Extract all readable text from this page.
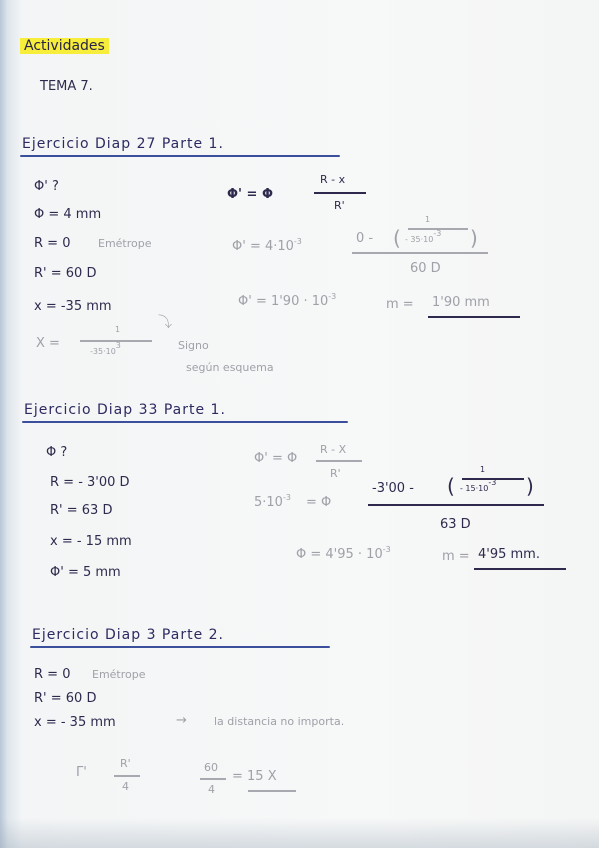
Actividades
TEMA 7.
Ejercicio Diap 27 Parte 1.
Φ' ?
Φ = 4 mm
R = 0	Emétrope
R' = 60 D
x = -35 mm
X =
1
-35·103
⤵
Signo
según esquema
Φ' = Φ
R - x
R'
$\Phi' = 4\cdot 10^{-3}$	0 - (
1
- 35·10-3 )
60 D
$\Phi' = 1'90 \cdot 10^{-3}$
m = 1'90 mm
Ejercicio Diap 33 Parte 1.
Φ ?
R = - 3'00 D
R' = 63 D
x = - 15 mm
Φ' = 5 mm
Φ' = Φ
R - X
R'
$5\cdot 10^{-3} = \Phi$
-3'00 - (
1
- 15·10-3 )
63 D
$\Phi = 4'95 \cdot 10^{-3}$	m = 4'95 mm.
Ejercicio Diap 3 Parte 2.
R = 0 Emétrope
R' = 60 D
x = - 35 mm	→ la distancia no importa.
Γ'
R'
4
60
4
= 15 X
